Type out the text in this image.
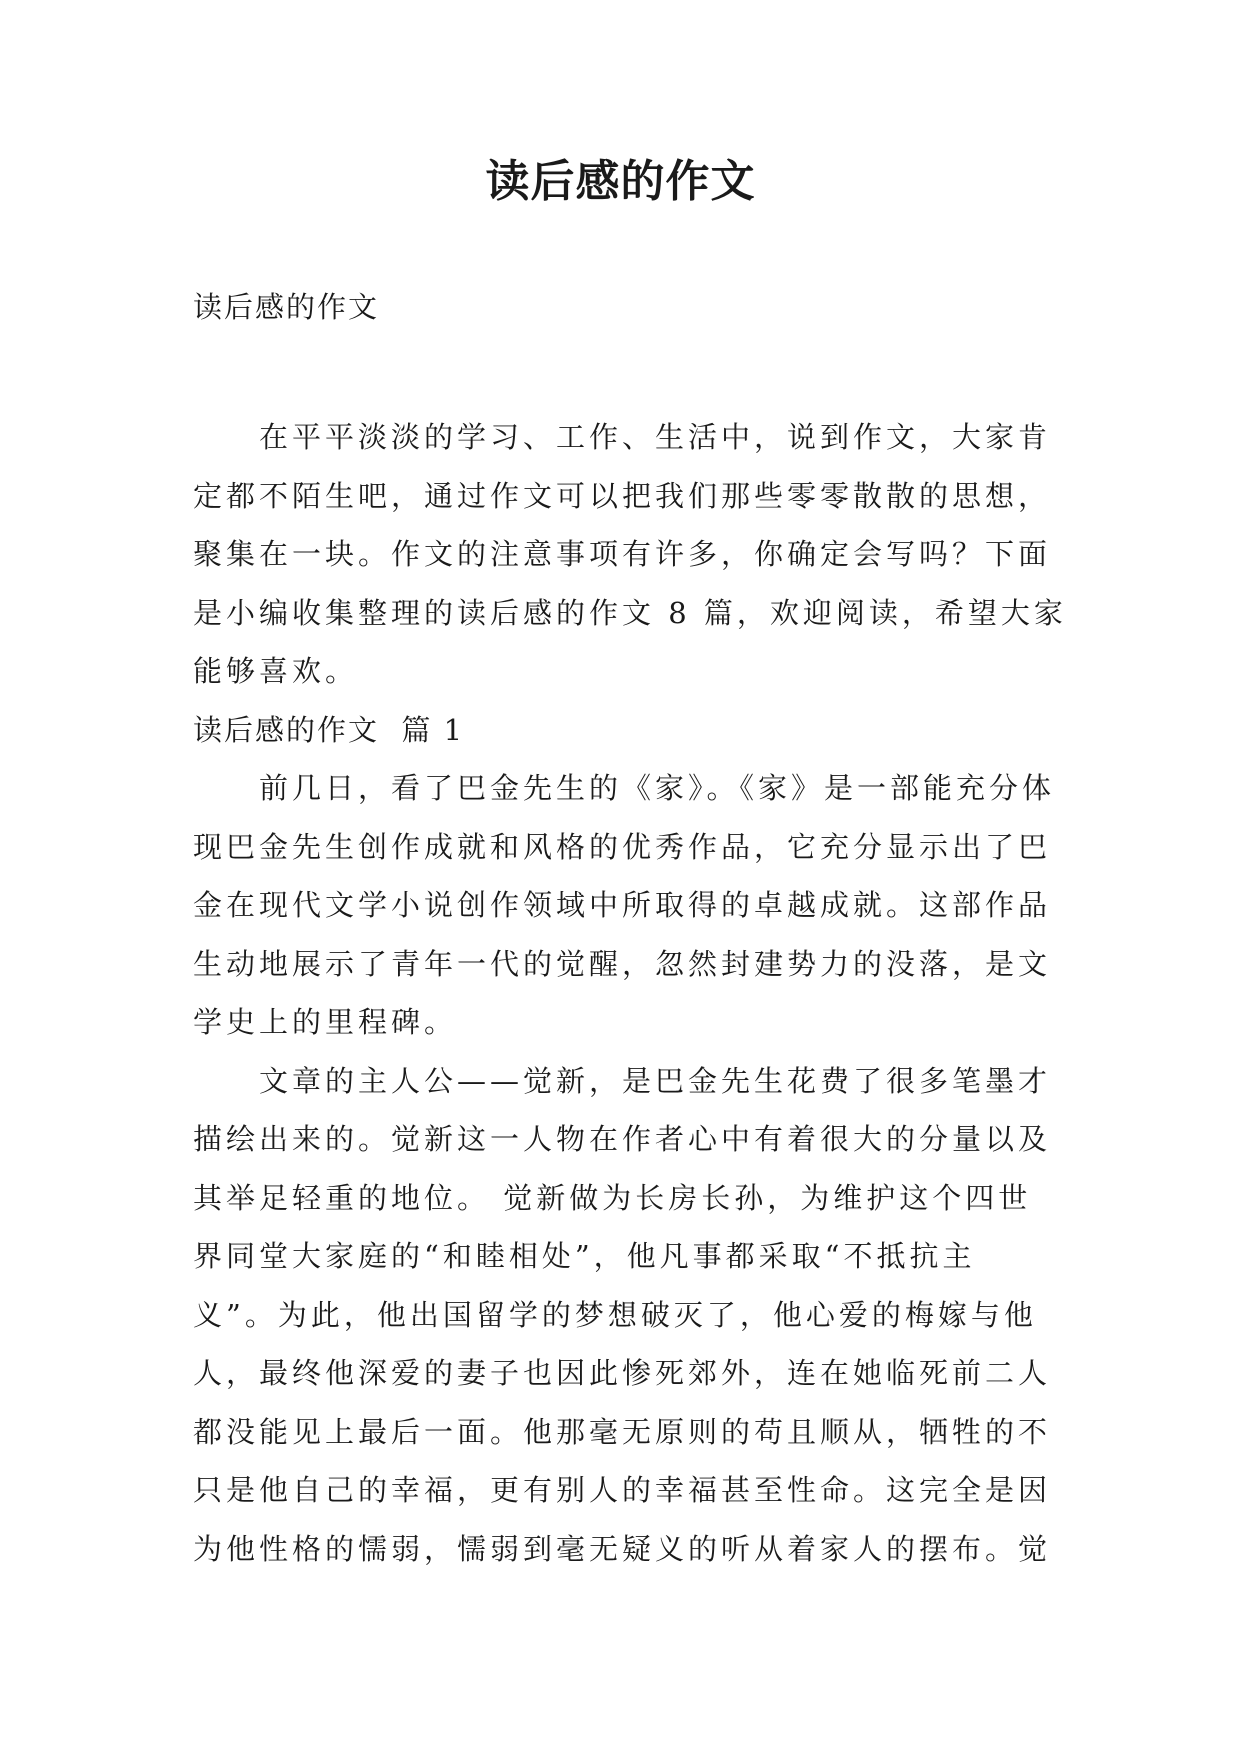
读后感的作文

读后感的作文

在平平淡淡的学习、工作、生活中，说到作文，大家肯
定都不陌生吧，通过作文可以把我们那些零零散散的思想，
聚集在一块。作文的注意事项有许多，你确定会写吗？下面
是小编收集整理的读后感的作文 8 篇，欢迎阅读，希望大家
能够喜欢。

读后感的作文  篇 1

前几日，看了巴金先生的《家》。《家》是一部能充分体
现巴金先生创作成就和风格的优秀作品，它充分显示出了巴
金在现代文学小说创作领域中所取得的卓越成就。这部作品
生动地展示了青年一代的觉醒，忽然封建势力的没落，是文
学史上的里程碑。

文章的主人公——觉新，是巴金先生花费了很多笔墨才
描绘出来的。觉新这一人物在作者心中有着很大的分量以及
其举足轻重的地位。 觉新做为长房长孙，为维护这个四世
界同堂大家庭的“和睦相处”，他凡事都采取“不抵抗主
义”。为此，他出国留学的梦想破灭了，他心爱的梅嫁与他
人，最终他深爱的妻子也因此惨死郊外，连在她临死前二人
都没能见上最后一面。他那毫无原则的苟且顺从，牺牲的不
只是他自己的幸福，更有别人的幸福甚至性命。这完全是因
为他性格的懦弱，懦弱到毫无疑义的听从着家人的摆布。觉
